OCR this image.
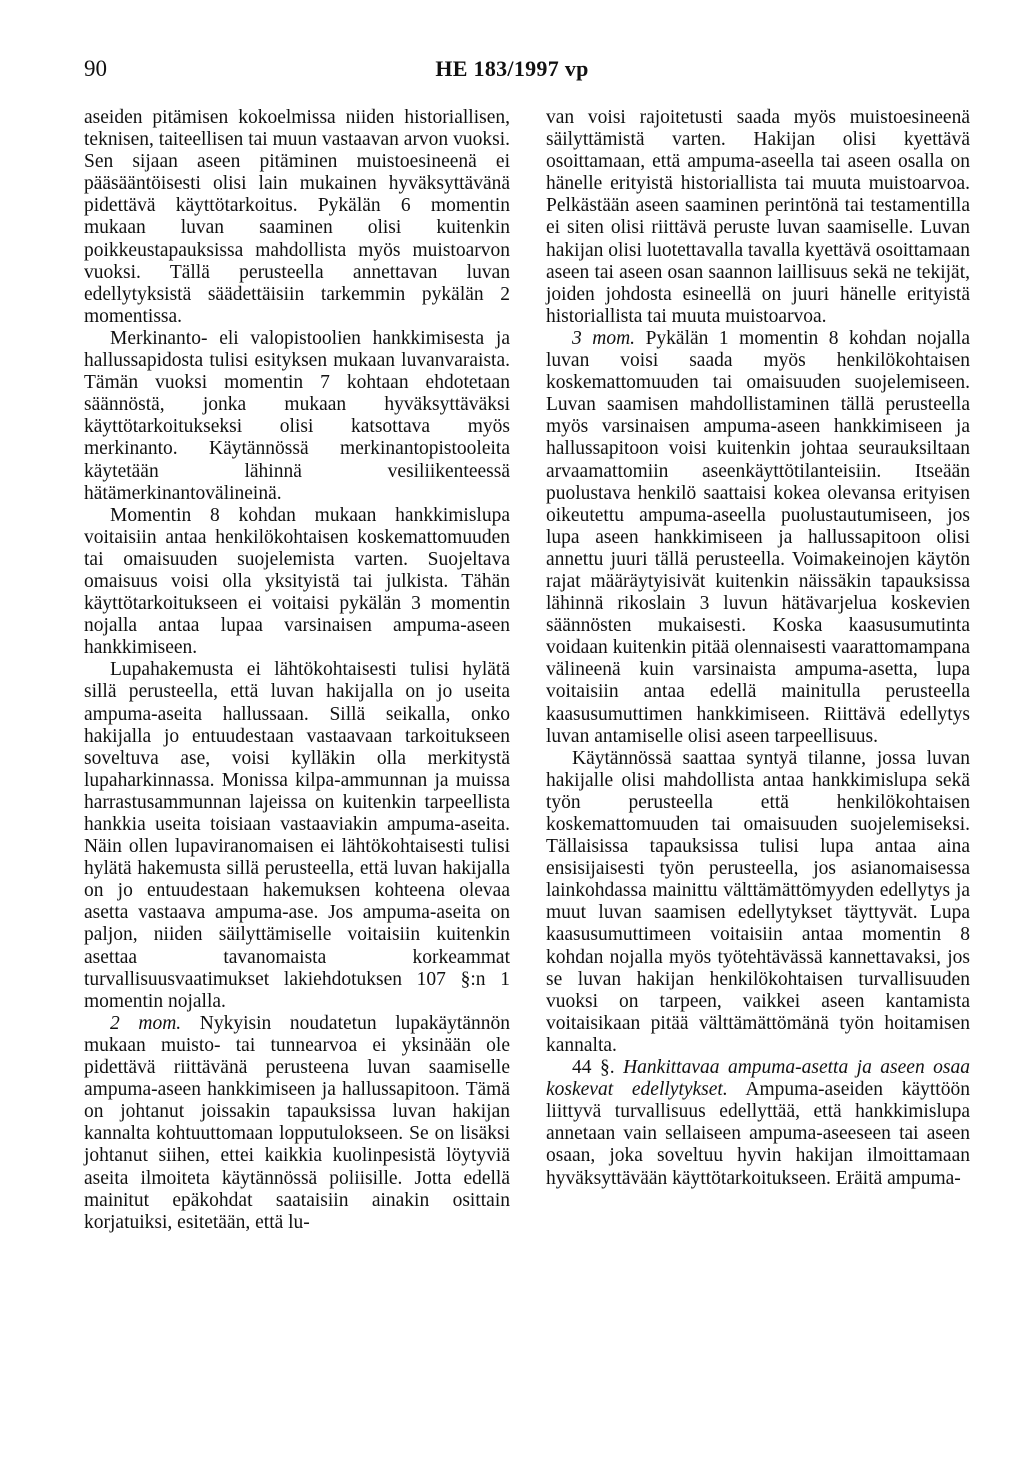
90	HE 183/1997 vp

aseiden pitämisen kokoelmissa niiden historiallisen, teknisen, taiteellisen tai muun vastaavan arvon vuoksi. Sen sijaan aseen pitäminen muistoesineenä ei pääsääntöisesti olisi lain mukainen hyväksyttävänä pidettävä käyttötarkoitus. Pykälän 6 momentin mukaan luvan saaminen olisi kuitenkin poikkeustapauksissa mahdollista myös muistoarvon vuoksi. Tällä perusteella annettavan luvan edellytyksistä säädettäisiin tarkemmin pykälän 2 momentissa.

Merkinanto- eli valopistoolien hankkimisesta ja hallussapidosta tulisi esityksen mukaan luvanvaraista. Tämän vuoksi momentin 7 kohtaan ehdotetaan säännöstä, jonka mukaan hyväksyttäväksi käyttötarkoitukseksi olisi katsottava myös merkinanto. Käytännössä merkinantopistooleita käytetään lähinnä vesiliikenteessä hätämerkinantovälineinä.

Momentin 8 kohdan mukaan hankkimislupa voitaisiin antaa henkilökohtaisen koskemattomuuden tai omaisuuden suojelemista varten. Suojeltava omaisuus voisi olla yksityistä tai julkista. Tähän käyttötarkoitukseen ei voitaisi pykälän 3 momentin nojalla antaa lupaa varsinaisen ampuma-aseen hankkimiseen.

Lupahakemusta ei lähtökohtaisesti tulisi hylätä sillä perusteella, että luvan hakijalla on jo useita ampuma-aseita hallussaan. Sillä seikalla, onko hakijalla jo entuudestaan vastaavaan tarkoitukseen soveltuva ase, voisi kylläkin olla merkitystä lupaharkinnassa. Monissa kilpa-ammunnan ja muissa harrastusammunnan lajeissa on kuitenkin tarpeellista hankkia useita toisiaan vastaaviakin ampuma-aseita. Näin ollen lupaviranomaisen ei lähtökohtaisesti tulisi hylätä hakemusta sillä perusteella, että luvan hakijalla on jo entuudestaan hakemuksen kohteena olevaa asetta vastaava ampuma-ase. Jos ampuma-aseita on paljon, niiden säilyttämiselle voitaisiin kuitenkin asettaa tavanomaista korkeammat turvallisuusvaatimukset lakiehdotuksen 107 §:n 1 momentin nojalla.

2 mom. Nykyisin noudatetun lupakäytännön mukaan muisto- tai tunnearvoa ei yksinään ole pidettävä riittävänä perusteena luvan saamiselle ampuma-aseen hankkimiseen ja hallussapitoon. Tämä on johtanut joissakin tapauksissa luvan hakijan kannalta kohtuuttomaan lopputulokseen. Se on lisäksi johtanut siihen, ettei kaikkia kuolinpesistä löytyviä aseita ilmoiteta käytännössä poliisille. Jotta edellä mainitut epäkohdat saataisiin ainakin osittain korjatuiksi, esitetään, että lu-

van voisi rajoitetusti saada myös muistoesineenä säilyttämistä varten. Hakijan olisi kyettävä osoittamaan, että ampuma-aseella tai aseen osalla on hänelle erityistä historiallista tai muuta muistoarvoa. Pelkästään aseen saaminen perintönä tai testamentilla ei siten olisi riittävä peruste luvan saamiselle. Luvan hakijan olisi luotettavalla tavalla kyettävä osoittamaan aseen tai aseen osan saannon laillisuus sekä ne tekijät, joiden johdosta esineellä on juuri hänelle erityistä historiallista tai muuta muistoarvoa.

3 mom. Pykälän 1 momentin 8 kohdan nojalla luvan voisi saada myös henkilökohtaisen koskemattomuuden tai omaisuuden suojelemiseen. Luvan saamisen mahdollistaminen tällä perusteella myös varsinaisen ampuma-aseen hankkimiseen ja hallussapitoon voisi kuitenkin johtaa seurauksiltaan arvaamattomiin aseenkäyttötilanteisiin. Itseään puolustava henkilö saattaisi kokea olevansa erityisen oikeutettu ampuma-aseella puolustautumiseen, jos lupa aseen hankkimiseen ja hallussapitoon olisi annettu juuri tällä perusteella. Voimakeinojen käytön rajat määräytyisivät kuitenkin näissäkin tapauksissa lähinnä rikoslain 3 luvun hätävarjelua koskevien säännösten mukaisesti. Koska kaasusumutinta voidaan kuitenkin pitää olennaisesti vaarattomampana välineenä kuin varsinaista ampuma-asetta, lupa voitaisiin antaa edellä mainitulla perusteella kaasusumuttimen hankkimiseen. Riittävä edellytys luvan antamiselle olisi aseen tarpeellisuus.

Käytännössä saattaa syntyä tilanne, jossa luvan hakijalle olisi mahdollista antaa hankkimislupa sekä työn perusteella että henkilökohtaisen koskemattomuuden tai omaisuuden suojelemiseksi. Tällaisissa tapauksissa tulisi lupa antaa aina ensisijaisesti työn perusteella, jos asianomaisessa lainkohdassa mainittu välttämättömyyden edellytys ja muut luvan saamisen edellytykset täyttyvät. Lupa kaasusumuttimeen voitaisiin antaa momentin 8 kohdan nojalla myös työtehtävässä kannettavaksi, jos se luvan hakijan henkilökohtaisen turvallisuuden vuoksi on tarpeen, vaikkei aseen kantamista voitaisikaan pitää välttämättömänä työn hoitamisen kannalta.

44 §. Hankittavaa ampuma-asetta ja aseen osaa koskevat edellytykset. Ampuma-aseiden käyttöön liittyvä turvallisuus edellyttää, että hankkimislupa annetaan vain sellaiseen ampuma-aseeseen tai aseen osaan, joka soveltuu hyvin hakijan ilmoittamaan hyväksyttävään käyttötarkoitukseen. Eräitä ampuma-
